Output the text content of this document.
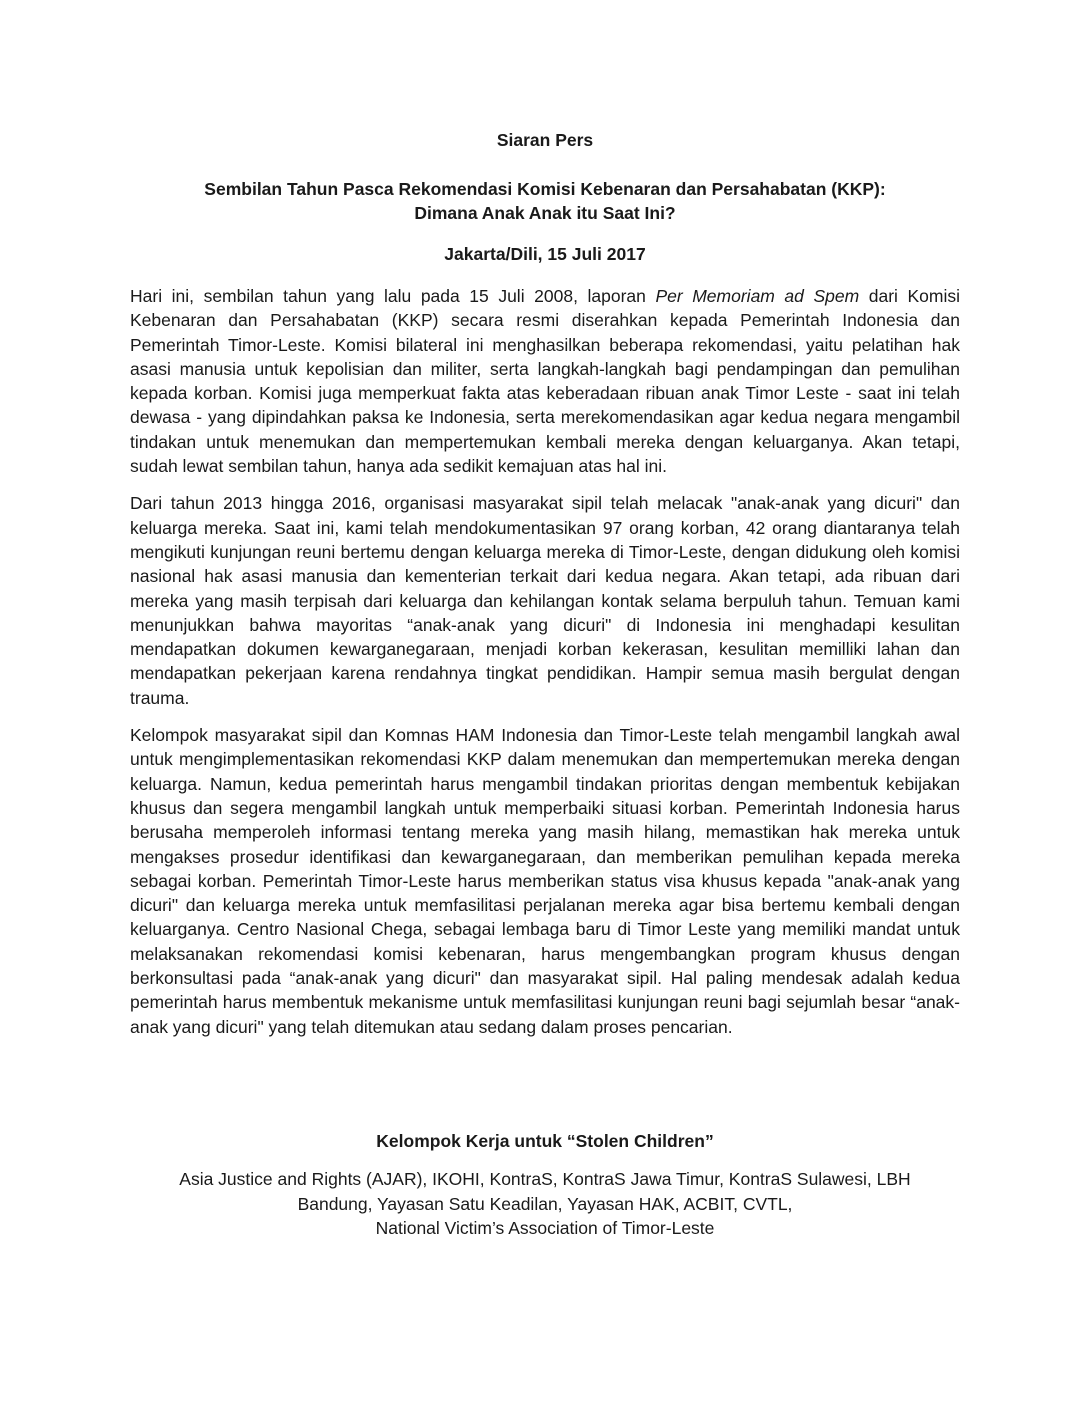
Siaran Pers
Sembilan Tahun Pasca Rekomendasi Komisi Kebenaran dan Persahabatan (KKP):
Dimana Anak Anak itu Saat Ini?
Jakarta/Dili, 15 Juli 2017

Hari ini, sembilan tahun yang lalu pada 15 Juli 2008, laporan Per Memoriam ad Spem dari Komisi Kebenaran dan Persahabatan (KKP) secara resmi diserahkan kepada Pemerintah Indonesia dan Pemerintah Timor-Leste. Komisi bilateral ini menghasilkan beberapa rekomendasi, yaitu pelatihan hak asasi manusia untuk kepolisian dan militer, serta langkah-langkah bagi pendampingan dan pemulihan kepada korban. Komisi juga memperkuat fakta atas keberadaan ribuan anak Timor Leste - saat ini telah dewasa - yang dipindahkan paksa ke Indonesia, serta merekomendasikan agar kedua negara mengambil tindakan untuk menemukan dan mempertemukan kembali mereka dengan keluarganya. Akan tetapi, sudah lewat sembilan tahun, hanya ada sedikit kemajuan atas hal ini.

Dari tahun 2013 hingga 2016, organisasi masyarakat sipil telah melacak "anak-anak yang dicuri" dan keluarga mereka. Saat ini, kami telah mendokumentasikan 97 orang korban, 42 orang diantaranya telah mengikuti kunjungan reuni bertemu dengan keluarga mereka di Timor-Leste, dengan didukung oleh komisi nasional hak asasi manusia dan kementerian terkait dari kedua negara. Akan tetapi, ada ribuan dari mereka yang masih terpisah dari keluarga dan kehilangan kontak selama berpuluh tahun. Temuan kami menunjukkan bahwa mayoritas “anak-anak yang dicuri" di Indonesia ini menghadapi kesulitan mendapatkan dokumen kewarganegaraan, menjadi korban kekerasan, kesulitan memilliki lahan dan mendapatkan pekerjaan karena rendahnya tingkat pendidikan. Hampir semua masih bergulat dengan trauma.

Kelompok masyarakat sipil dan Komnas HAM Indonesia dan Timor-Leste telah mengambil langkah awal untuk mengimplementasikan rekomendasi KKP dalam menemukan dan mempertemukan mereka dengan keluarga. Namun, kedua pemerintah harus mengambil tindakan prioritas dengan membentuk kebijakan khusus dan segera mengambil langkah untuk memperbaiki situasi korban. Pemerintah Indonesia harus berusaha memperoleh informasi tentang mereka yang masih hilang, memastikan hak mereka untuk mengakses prosedur identifikasi dan kewarganegaraan, dan memberikan pemulihan kepada mereka sebagai korban. Pemerintah Timor-Leste harus memberikan status visa khusus kepada "anak-anak yang dicuri" dan keluarga mereka untuk memfasilitasi perjalanan mereka agar bisa bertemu kembali dengan keluarganya. Centro Nasional Chega, sebagai lembaga baru di Timor Leste yang memiliki mandat untuk melaksanakan rekomendasi komisi kebenaran, harus mengembangkan program khusus dengan berkonsultasi pada “anak-anak yang dicuri" dan masyarakat sipil. Hal paling mendesak adalah kedua pemerintah harus membentuk mekanisme untuk memfasilitasi kunjungan reuni bagi sejumlah besar “anak-anak yang dicuri" yang telah ditemukan atau sedang dalam proses pencarian.

Kelompok Kerja untuk “Stolen Children”

Asia Justice and Rights (AJAR), IKOHI, KontraS, KontraS Jawa Timur, KontraS Sulawesi, LBH
Bandung, Yayasan Satu Keadilan, Yayasan HAK, ACBIT, CVTL,
National Victim’s Association of Timor-Leste
